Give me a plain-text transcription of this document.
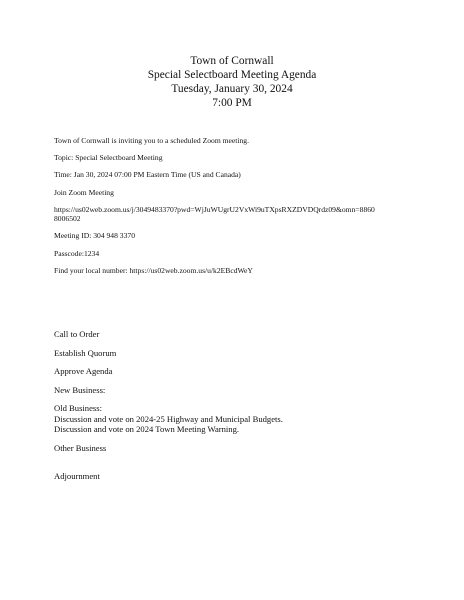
Town of Cornwall
Special Selectboard Meeting Agenda
Tuesday, January 30, 2024
7:00 PM

Town of Cornwall is inviting you to a scheduled Zoom meeting.

Topic: Special Selectboard Meeting

Time: Jan 30, 2024 07:00 PM Eastern Time (US and Canada)

Join Zoom Meeting

https://us02web.zoom.us/j/3049483370?pwd=WjJuWUgrU2VxWi9uTXpsRXZDVDQrdz09&omn=8860
8006502

Meeting ID: 304 948 3370

Passcode:1234

Find your local number: https://us02web.zoom.us/u/k2EBcdWeY

Call to Order

Establish Quorum

Approve Agenda

New Business:

Old Business:
Discussion and vote on 2024-25 Highway and Municipal Budgets.
Discussion and vote on 2024 Town Meeting Warning.

Other Business

Adjournment
